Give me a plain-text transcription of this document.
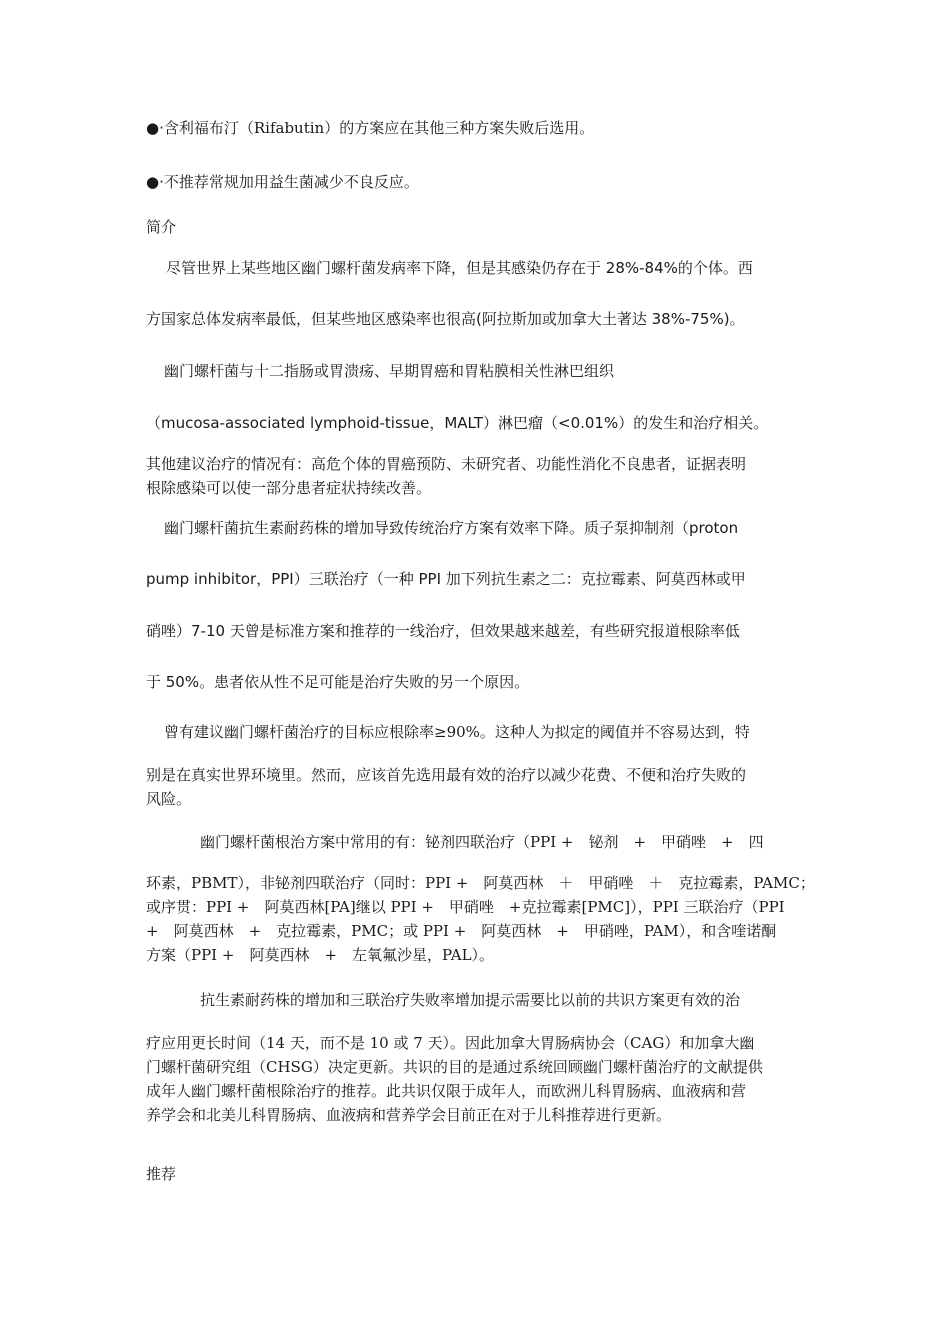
●·含利福布汀（Rifabutin）的方案应在其他三种方案失败后选用。
●·不推荐常规加用益生菌减少不良反应。
简介
尽管世界上某些地区幽门螺杆菌发病率下降，但是其感染仍存在于 28%-84%的个体。西
方国家总体发病率最低，但某些地区感染率也很高(阿拉斯加或加拿大土著达 38%-75%)。
幽门螺杆菌与十二指肠或胃溃疡、早期胃癌和胃粘膜相关性淋巴组织
（mucosa-associated lymphoid-tissue，MALT）淋巴瘤（<0.01%）的发生和治疗相关。
其他建议治疗的情况有：高危个体的胃癌预防、未研究者、功能性消化不良患者，证据表明
根除感染可以使一部分患者症状持续改善。
幽门螺杆菌抗生素耐药株的增加导致传统治疗方案有效率下降。质子泵抑制剂（proton
pump inhibitor，PPI）三联治疗（一种 PPI 加下列抗生素之二：克拉霉素、阿莫西林或甲
硝唑）7-10 天曾是标准方案和推荐的一线治疗，但效果越来越差，有些研究报道根除率低
于 50%。患者依从性不足可能是治疗失败的另一个原因。
曾有建议幽门螺杆菌治疗的目标应根除率≥90%。这种人为拟定的阈值并不容易达到，特
别是在真实世界环境里。然而，应该首先选用最有效的治疗以减少花费、不便和治疗失败的
风险。
幽门螺杆菌根治方案中常用的有：铋剂四联治疗（PPI +　铋剂　+　甲硝唑　+　四
环素，PBMT），非铋剂四联治疗（同时：PPI +　阿莫西林　＋　甲硝唑　＋　克拉霉素，PAMC；
或序贯：PPI +　阿莫西林[PA]继以 PPI +　甲硝唑　+克拉霉素[PMC]），PPI 三联治疗（PPI
+　阿莫西林　+　克拉霉素，PMC；或 PPI +　阿莫西林　+　甲硝唑，PAM），和含喹诺酮
方案（PPI +　阿莫西林　+　左氧氟沙星，PAL）。
抗生素耐药株的增加和三联治疗失败率增加提示需要比以前的共识方案更有效的治
疗应用更长时间（14 天，而不是 10 或 7 天）。因此加拿大胃肠病协会（CAG）和加拿大幽
门螺杆菌研究组（CHSG）决定更新。共识的目的是通过系统回顾幽门螺杆菌治疗的文献提供
成年人幽门螺杆菌根除治疗的推荐。此共识仅限于成年人，而欧洲儿科胃肠病、血液病和营
养学会和北美儿科胃肠病、血液病和营养学会目前正在对于儿科推荐进行更新。
推荐
